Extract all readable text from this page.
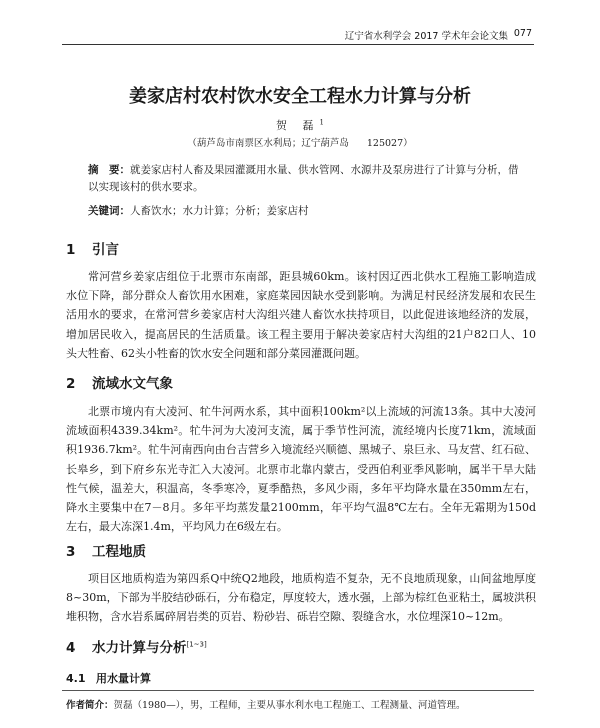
辽宁省水利学会 2017 学术年会论文集 077
姜家店村农村饮水安全工程水力计算与分析
贺 磊$^1$
（葫芦岛市南票区水利局；辽宁葫芦岛 125027）
摘　要：就姜家店村人畜及果园灌溉用水量、供水管网、水源井及泵房进行了计算与分析，借以实现该村的供水要求。
关键词：人畜饮水；水力计算；分析；姜家店村
1 引言
常河营乡姜家店组位于北票市东南部，距县城60km。该村因辽西北供水工程施工影响造成水位下降，部分群众人畜饮用水困难，家庭菜园因缺水受到影响。为满足村民经济发展和农民生活用水的要求，在常河营乡姜家店村大沟组兴建人畜饮水扶持项目，以此促进该地经济的发展，增加居民收入，提高居民的生活质量。该工程主要用于解决姜家店村大沟组的21户82口人、10头大牲畜、62头小牲畜的饮水安全问题和部分菜园灌溉问题。
2 流域水文气象
北票市境内有大凌河、牤牛河两水系，其中面积100km²以上流域的河流13条。其中大凌河流域面积4339.34km²。牤牛河为大凌河支流，属于季节性河流，流经境内长度71km，流域面积1936.7km²。牤牛河南西向由台吉营乡入境流经兴顺德、黑城子、泉巨永、马友营、红石砬、长皋乡，到下府乡东光寺汇入大凌河。北票市北靠内蒙古，受西伯利亚季风影响，属半干旱大陆性气候，温差大，积温高，冬季寒冷，夏季酷热，多风少雨，多年平均降水量在350mm左右，降水主要集中在7－8月。多年平均蒸发量2100mm，年平均气温8℃左右。全年无霜期为150d左右，最大冻深1.4m，平均风力在6级左右。
3 工程地质
项目区地质构造为第四系Q中统Q2地段，地质构造不复杂，无不良地质现象，山间盆地厚度8~30m，下部为半胶结砂砾石，分布稳定，厚度较大，透水强，上部为棕红色亚粘土，属坡洪积堆积物，含水岩系属碎屑岩类的页岩、粉砂岩、砾岩空隙、裂缝含水，水位埋深10~12m。
4 水力计算与分析[1~3]
4.1 用水量计算
作者简介：贺磊（1980—），男，工程师，主要从事水利水电工程施工、工程测量、河道管理。
